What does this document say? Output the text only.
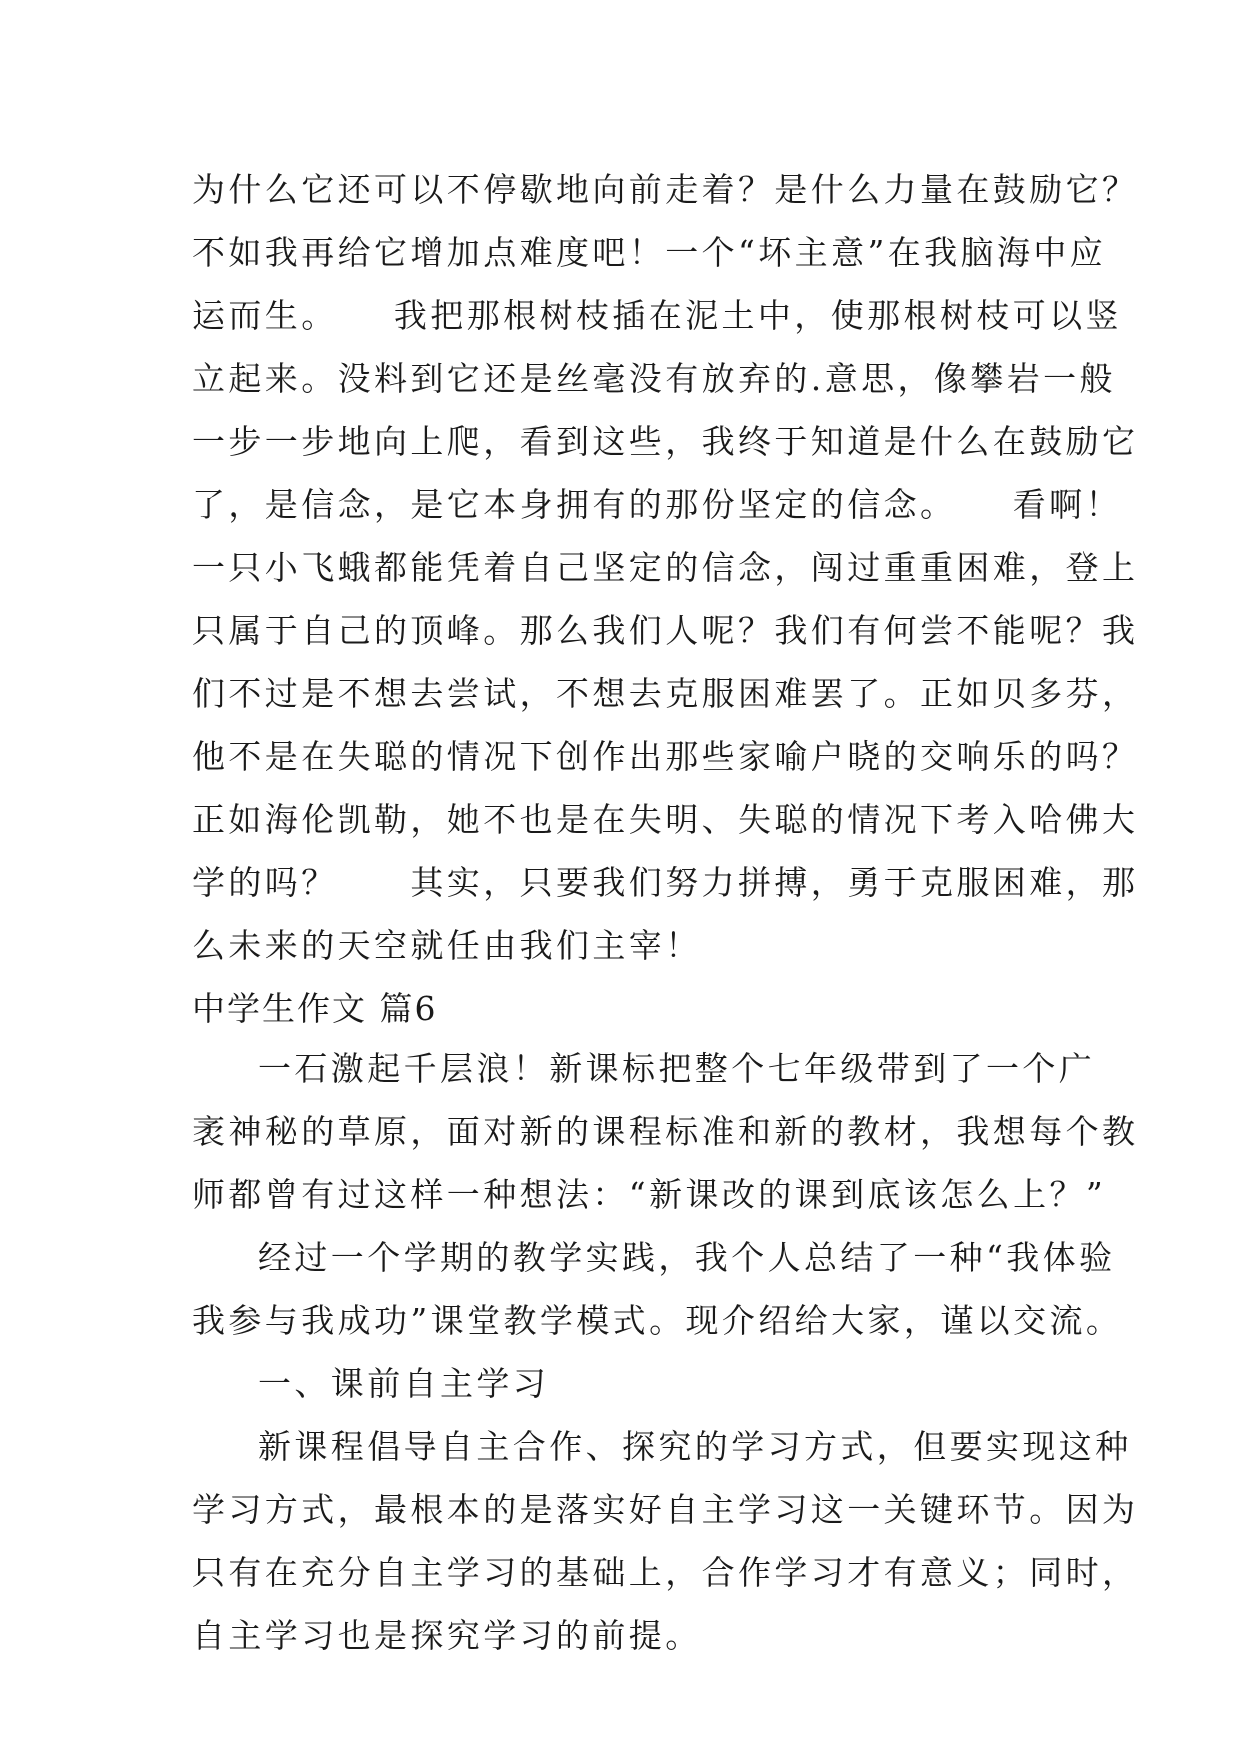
为什么它还可以不停歇地向前走着？是什么力量在鼓励它？
不如我再给它增加点难度吧！一个“坏主意”在我脑海中应
运而生。　　我把那根树枝插在泥土中，使那根树枝可以竖
立起来。没料到它还是丝毫没有放弃的.意思，像攀岩一般
一步一步地向上爬，看到这些，我终于知道是什么在鼓励它
了，是信念，是它本身拥有的那份坚定的信念。　　看啊！
一只小飞蛾都能凭着自己坚定的信念，闯过重重困难，登上
只属于自己的顶峰。那么我们人呢？我们有何尝不能呢？我
们不过是不想去尝试，不想去克服困难罢了。正如贝多芬，
他不是在失聪的情况下创作出那些家喻户晓的交响乐的吗？
正如海伦凯勒，她不也是在失明、失聪的情况下考入哈佛大
学的吗？　　其实，只要我们努力拼搏，勇于克服困难，那
么未来的天空就任由我们主宰！
中学生作文 篇6
一石激起千层浪！新课标把整个七年级带到了一个广
袤神秘的草原，面对新的课程标准和新的教材，我想每个教
师都曾有过这样一种想法：“新课改的课到底该怎么上？”
经过一个学期的教学实践，我个人总结了一种“我体验
我参与我成功”课堂教学模式。现介绍给大家，谨以交流。
一、课前自主学习
新课程倡导自主合作、探究的学习方式，但要实现这种
学习方式，最根本的是落实好自主学习这一关键环节。因为
只有在充分自主学习的基础上，合作学习才有意义；同时，
自主学习也是探究学习的前提。
